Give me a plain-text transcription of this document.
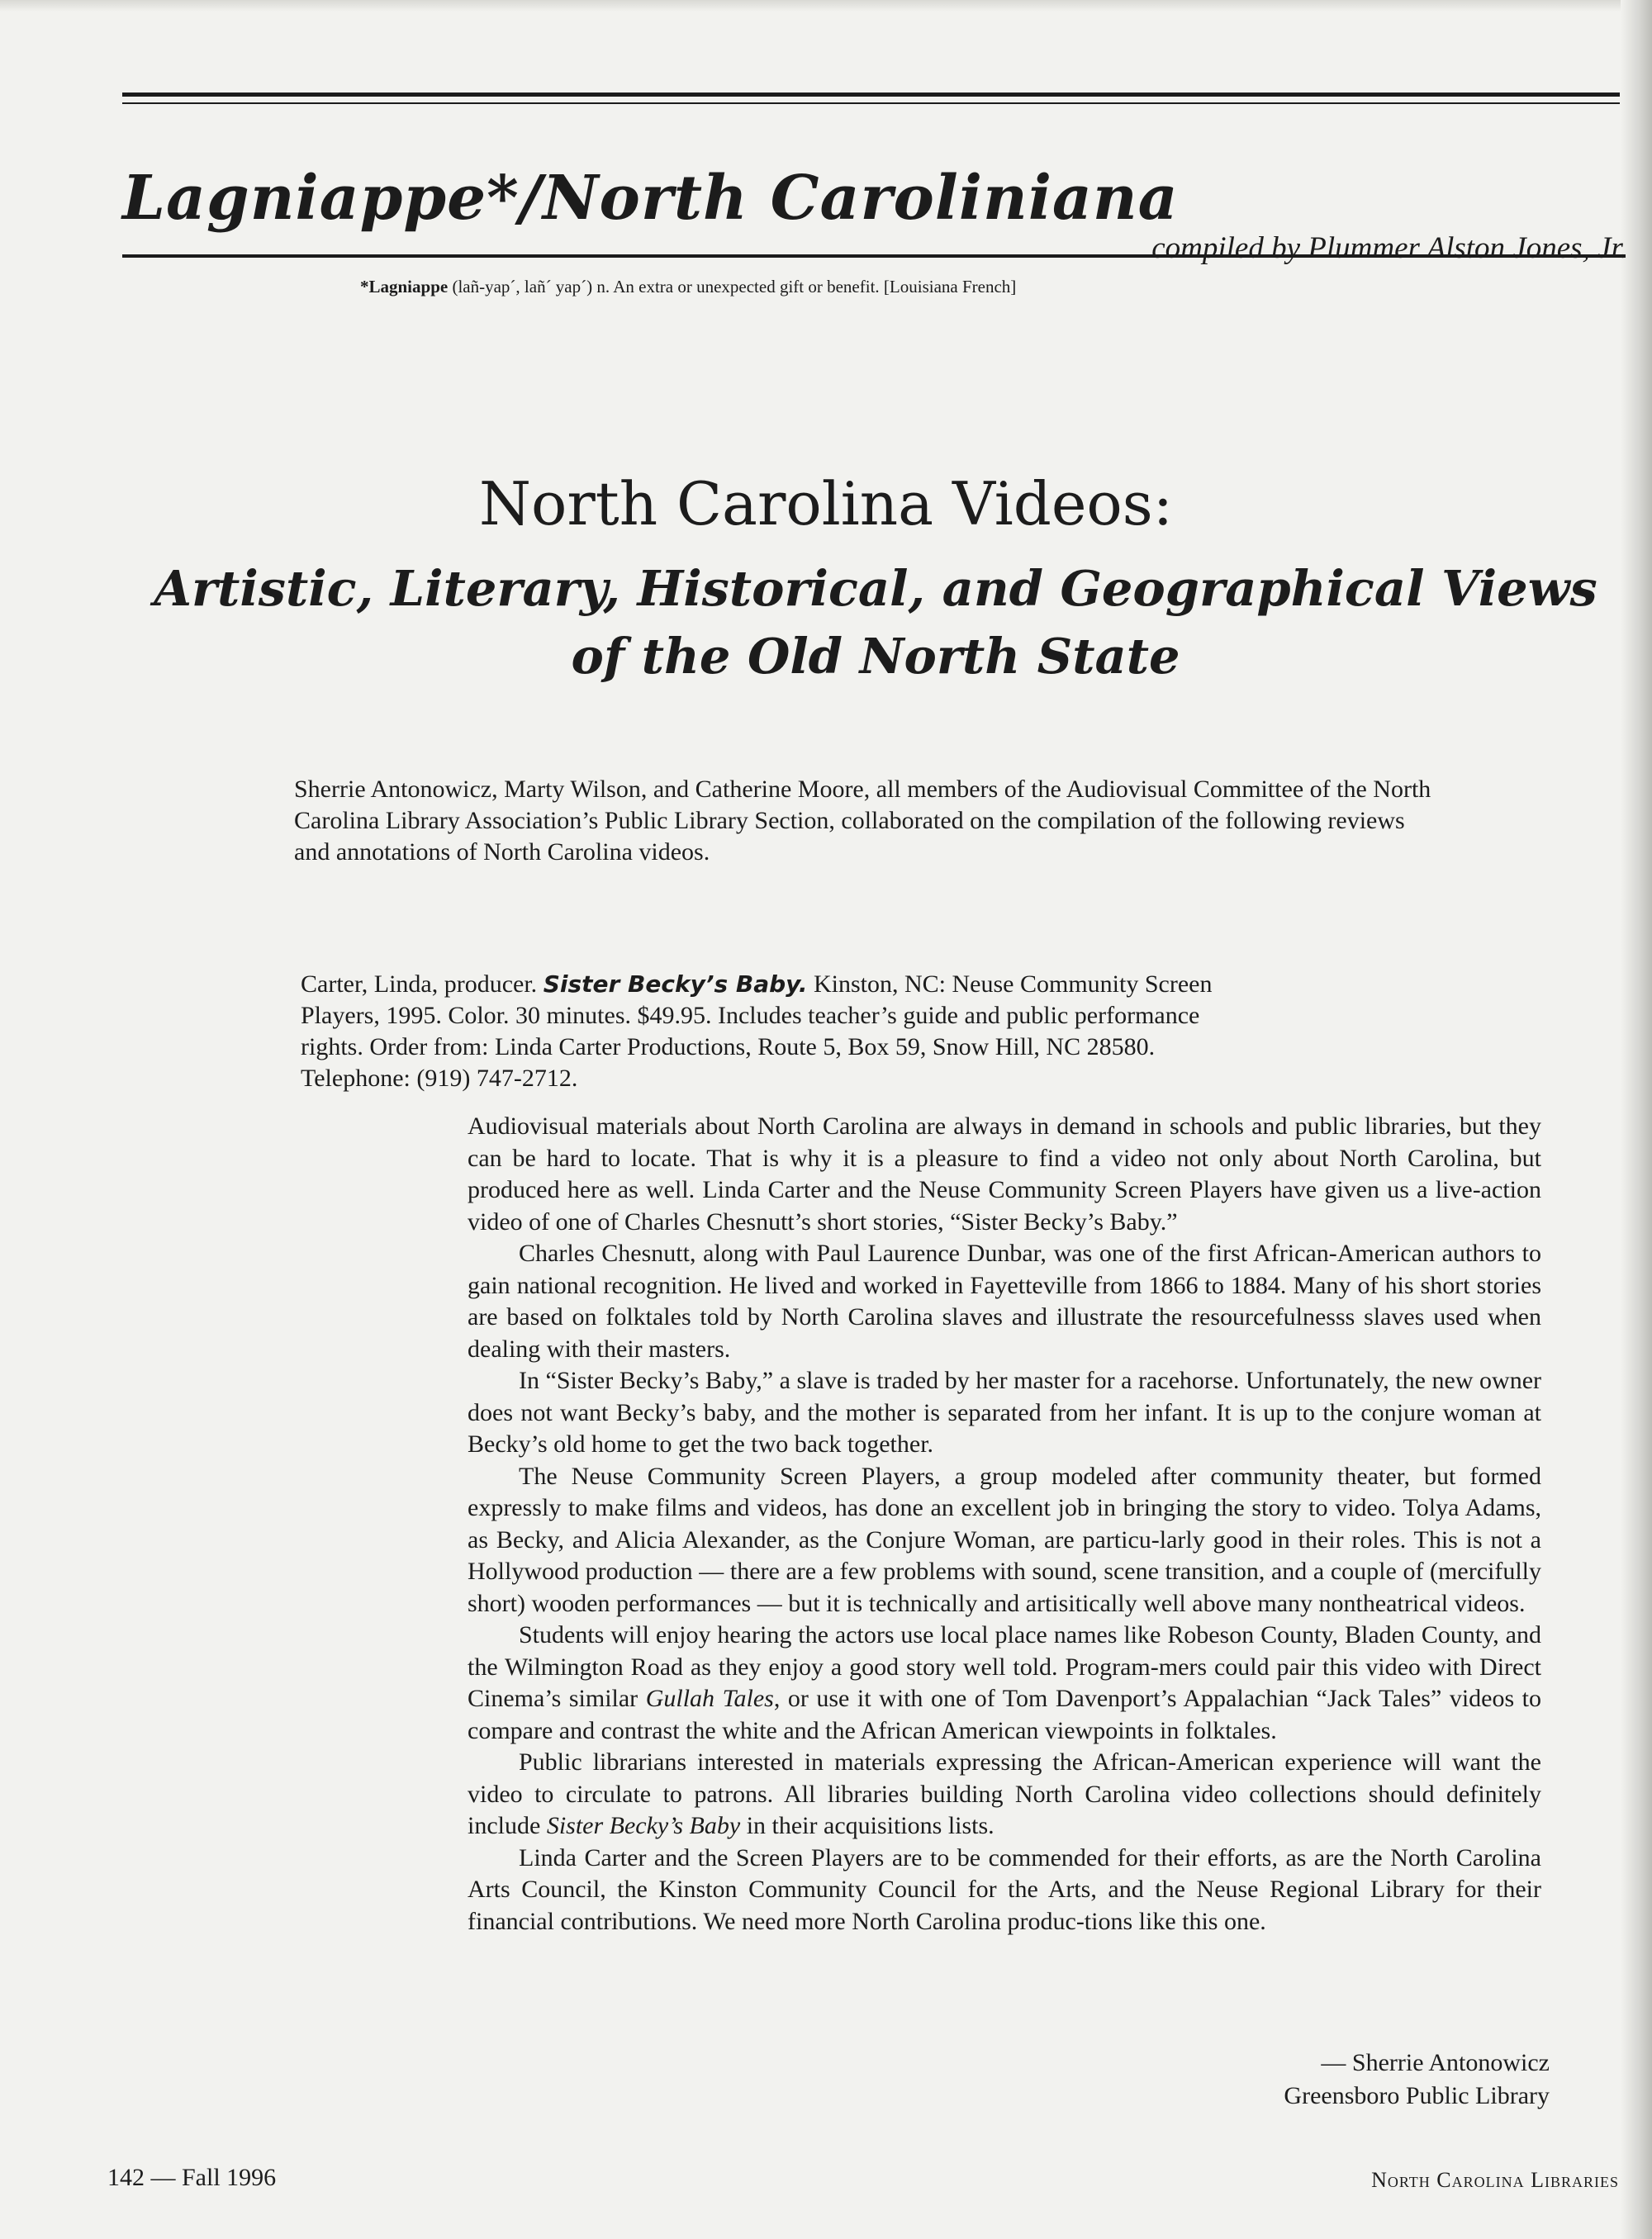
Lagniappe*/North Caroliniana
compiled by Plummer Alston Jones, Jr.
*Lagniappe (lañ-yap´, lañ´ yap´) n. An extra or unexpected gift or benefit. [Louisiana French]
North Carolina Videos:
Artistic, Literary, Historical, and Geographical Views
of the Old North State
Sherrie Antonowicz, Marty Wilson, and Catherine Moore, all members of the Audiovisual Committee of the North Carolina Library Association’s Public Library Section, collaborated on the compilation of the following reviews and annotations of North Carolina videos.
Carter, Linda, producer. Sister Becky’s Baby. Kinston, NC: Neuse Community Screen Players, 1995. Color. 30 minutes. $49.95. Includes teacher’s guide and public performance rights. Order from: Linda Carter Productions, Route 5, Box 59, Snow Hill, NC 28580. Telephone: (919) 747-2712.

Audiovisual materials about North Carolina are always in demand in schools and public libraries, but they can be hard to locate. That is why it is a pleasure to find a video not only about North Carolina, but produced here as well. Linda Carter and the Neuse Community Screen Players have given us a live-action video of one of Charles Chesnutt’s short stories, “Sister Becky’s Baby.”

Charles Chesnutt, along with Paul Laurence Dunbar, was one of the first African-American authors to gain national recognition. He lived and worked in Fayetteville from 1866 to 1884. Many of his short stories are based on folktales told by North Carolina slaves and illustrate the resourcefulnesss slaves used when dealing with their masters.

In “Sister Becky’s Baby,” a slave is traded by her master for a racehorse. Unfortunately, the new owner does not want Becky’s baby, and the mother is separated from her infant. It is up to the conjure woman at Becky’s old home to get the two back together.

The Neuse Community Screen Players, a group modeled after community theater, but formed expressly to make films and videos, has done an excellent job in bringing the story to video. Tolya Adams, as Becky, and Alicia Alexander, as the Conjure Woman, are particu-larly good in their roles. This is not a Hollywood production — there are a few problems with sound, scene transition, and a couple of (mercifully short) wooden performances — but it is technically and artisitically well above many nontheatrical videos.

Students will enjoy hearing the actors use local place names like Robeson County, Bladen County, and the Wilmington Road as they enjoy a good story well told. Program-mers could pair this video with Direct Cinema’s similar Gullah Tales, or use it with one of Tom Davenport’s Appalachian “Jack Tales” videos to compare and contrast the white and the African American viewpoints in folktales.

Public librarians interested in materials expressing the African-American experience will want the video to circulate to patrons. All libraries building North Carolina video collections should definitely include Sister Becky’s Baby in their acquisitions lists.

Linda Carter and the Screen Players are to be commended for their efforts, as are the North Carolina Arts Council, the Kinston Community Council for the Arts, and the Neuse Regional Library for their financial contributions. We need more North Carolina produc-tions like this one.

— Sherrie Antonowicz
Greensboro Public Library
142 — Fall 1996	North Carolina Libraries
